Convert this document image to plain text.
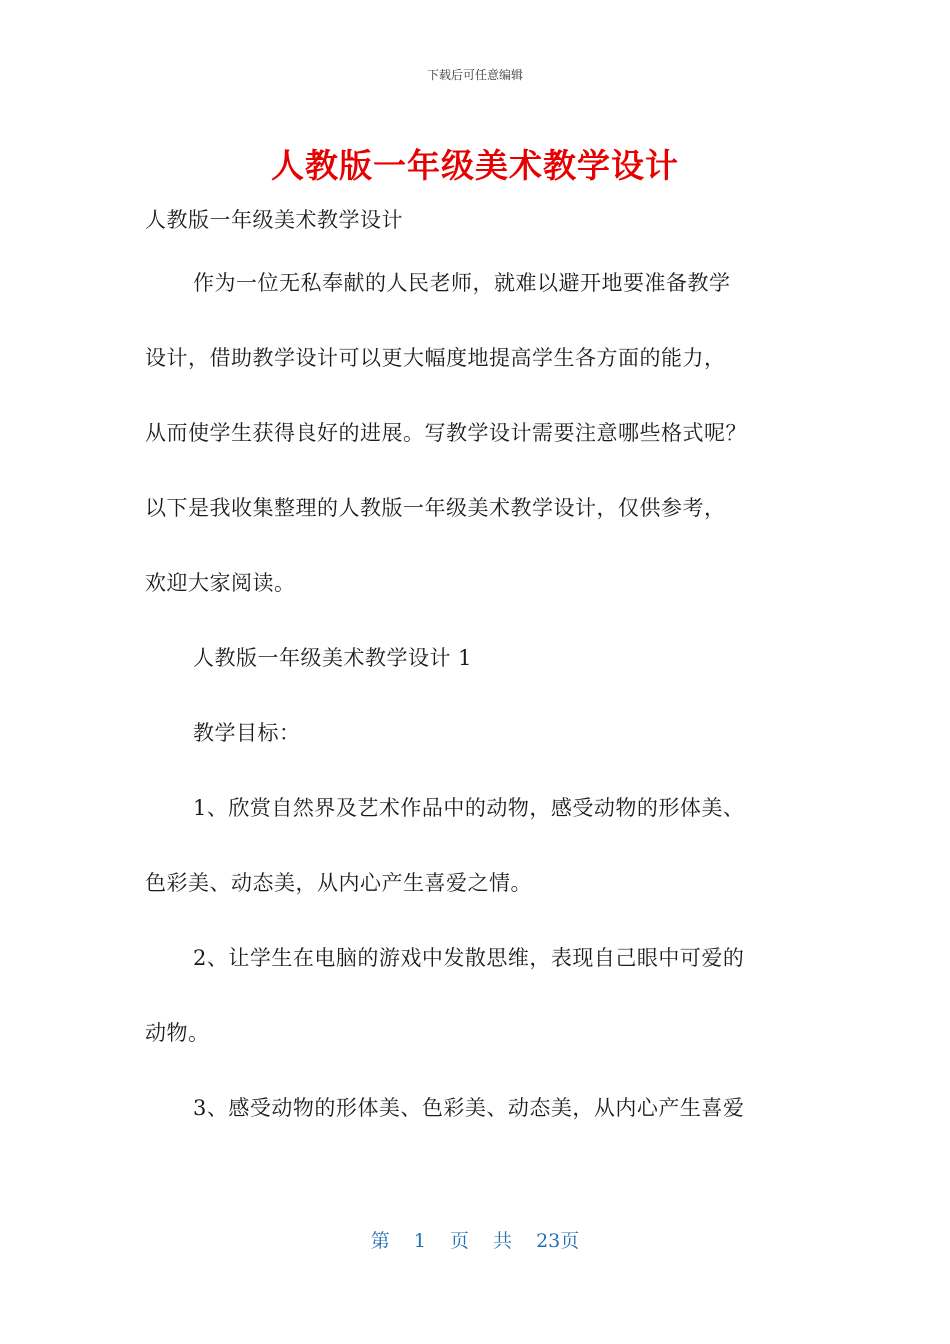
下载后可任意编辑
人教版一年级美术教学设计

人教版一年级美术教学设计

作为一位无私奉献的人民老师，就难以避开地要准备教学

设计，借助教学设计可以更大幅度地提高学生各方面的能力，

从而使学生获得良好的进展。写教学设计需要注意哪些格式呢？

以下是我收集整理的人教版一年级美术教学设计，仅供参考，

欢迎大家阅读。

人教版一年级美术教学设计 1

教学目标：

1、欣赏自然界及艺术作品中的动物，感受动物的形体美、

色彩美、动态美，从内心产生喜爱之情。

2、让学生在电脑的游戏中发散思维，表现自己眼中可爱的

动物。

3、感受动物的形体美、色彩美、动态美，从内心产生喜爱

第 1 页 共 23页
